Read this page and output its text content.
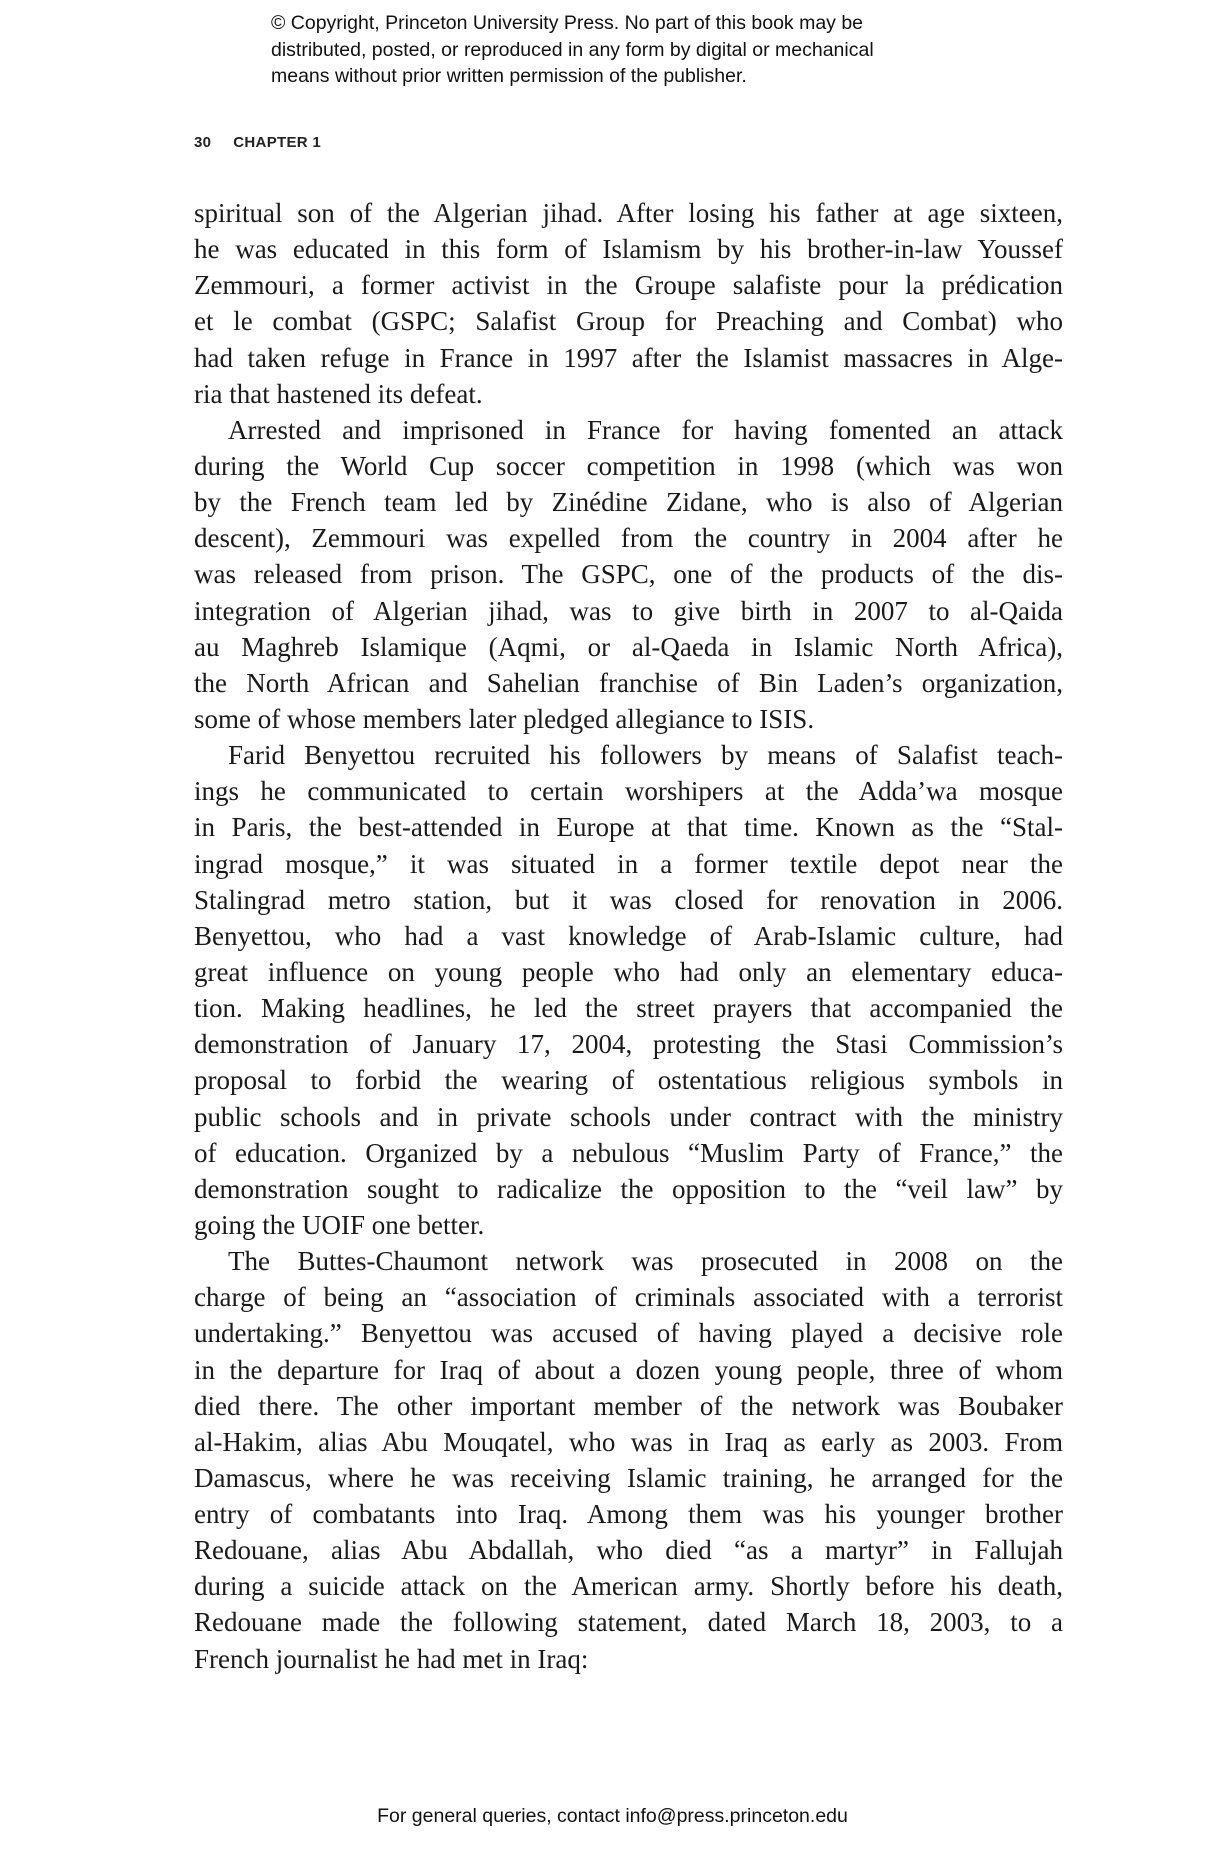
© Copyright, Princeton University Press. No part of this book may be
distributed, posted, or reproduced in any form by digital or mechanical
means without prior written permission of the publisher.
30 CHAPTER 1
spiritual son of the Algerian jihad. After losing his father at age sixteen,
he was educated in this form of Islamism by his brother-in-law Youssef
Zemmouri, a former activist in the Groupe salafiste pour la prédication
et le combat (GSPC; Salafist Group for Preaching and Combat) who
had taken refuge in France in 1997 after the Islamist massacres in Alge-
ria that hastened its defeat.
Arrested and imprisoned in France for having fomented an attack
during the World Cup soccer competition in 1998 (which was won
by the French team led by Zinédine Zidane, who is also of Algerian
descent), Zemmouri was expelled from the country in 2004 after he
was released from prison. The GSPC, one of the products of the dis-
integration of Algerian jihad, was to give birth in 2007 to al-Qaida
au Maghreb Islamique (Aqmi, or al-Qaeda in Islamic North Africa),
the North African and Sahelian franchise of Bin Laden’s organization,
some of whose members later pledged allegiance to ISIS.
Farid Benyettou recruited his followers by means of Salafist teach-
ings he communicated to certain worshipers at the Adda’wa mosque
in Paris, the best-attended in Europe at that time. Known as the “Stal-
ingrad mosque,” it was situated in a former textile depot near the
Stalingrad metro station, but it was closed for renovation in 2006.
Benyettou, who had a vast knowledge of Arab-Islamic culture, had
great influence on young people who had only an elementary educa-
tion. Making headlines, he led the street prayers that accompanied the
demonstration of January 17, 2004, protesting the Stasi Commission’s
proposal to forbid the wearing of ostentatious religious symbols in
public schools and in private schools under contract with the ministry
of education. Organized by a nebulous “Muslim Party of France,” the
demonstration sought to radicalize the opposition to the “veil law” by
going the UOIF one better.
The Buttes-Chaumont network was prosecuted in 2008 on the
charge of being an “association of criminals associated with a terrorist
undertaking.” Benyettou was accused of having played a decisive role
in the departure for Iraq of about a dozen young people, three of whom
died there. The other important member of the network was Boubaker
al-Hakim, alias Abu Mouqatel, who was in Iraq as early as 2003. From
Damascus, where he was receiving Islamic training, he arranged for the
entry of combatants into Iraq. Among them was his younger brother
Redouane, alias Abu Abdallah, who died “as a martyr” in Fallujah
during a suicide attack on the American army. Shortly before his death,
Redouane made the following statement, dated March 18, 2003, to a
French journalist he had met in Iraq:
For general queries, contact info@press.princeton.edu
